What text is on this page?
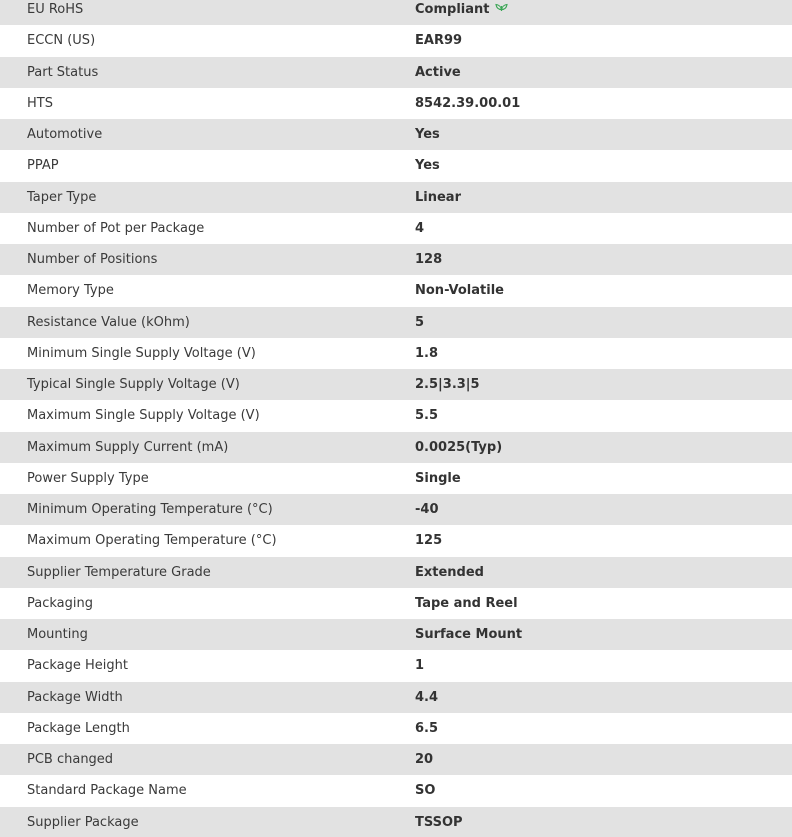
EU RoHS	Compliant
ECCN (US)	EAR99
Part Status	Active
HTS	8542.39.00.01
Automotive	Yes
PPAP	Yes
Taper Type	Linear
Number of Pot per Package	4
Number of Positions	128
Memory Type	Non-Volatile
Resistance Value (kOhm)	5
Minimum Single Supply Voltage (V)	1.8
Typical Single Supply Voltage (V)	2.5|3.3|5
Maximum Single Supply Voltage (V)	5.5
Maximum Supply Current (mA)	0.0025(Typ)
Power Supply Type	Single
Minimum Operating Temperature (°C)	-40
Maximum Operating Temperature (°C)	125
Supplier Temperature Grade	Extended
Packaging	Tape and Reel
Mounting	Surface Mount
Package Height	1
Package Width	4.4
Package Length	6.5
PCB changed	20
Standard Package Name	SO
Supplier Package	TSSOP
